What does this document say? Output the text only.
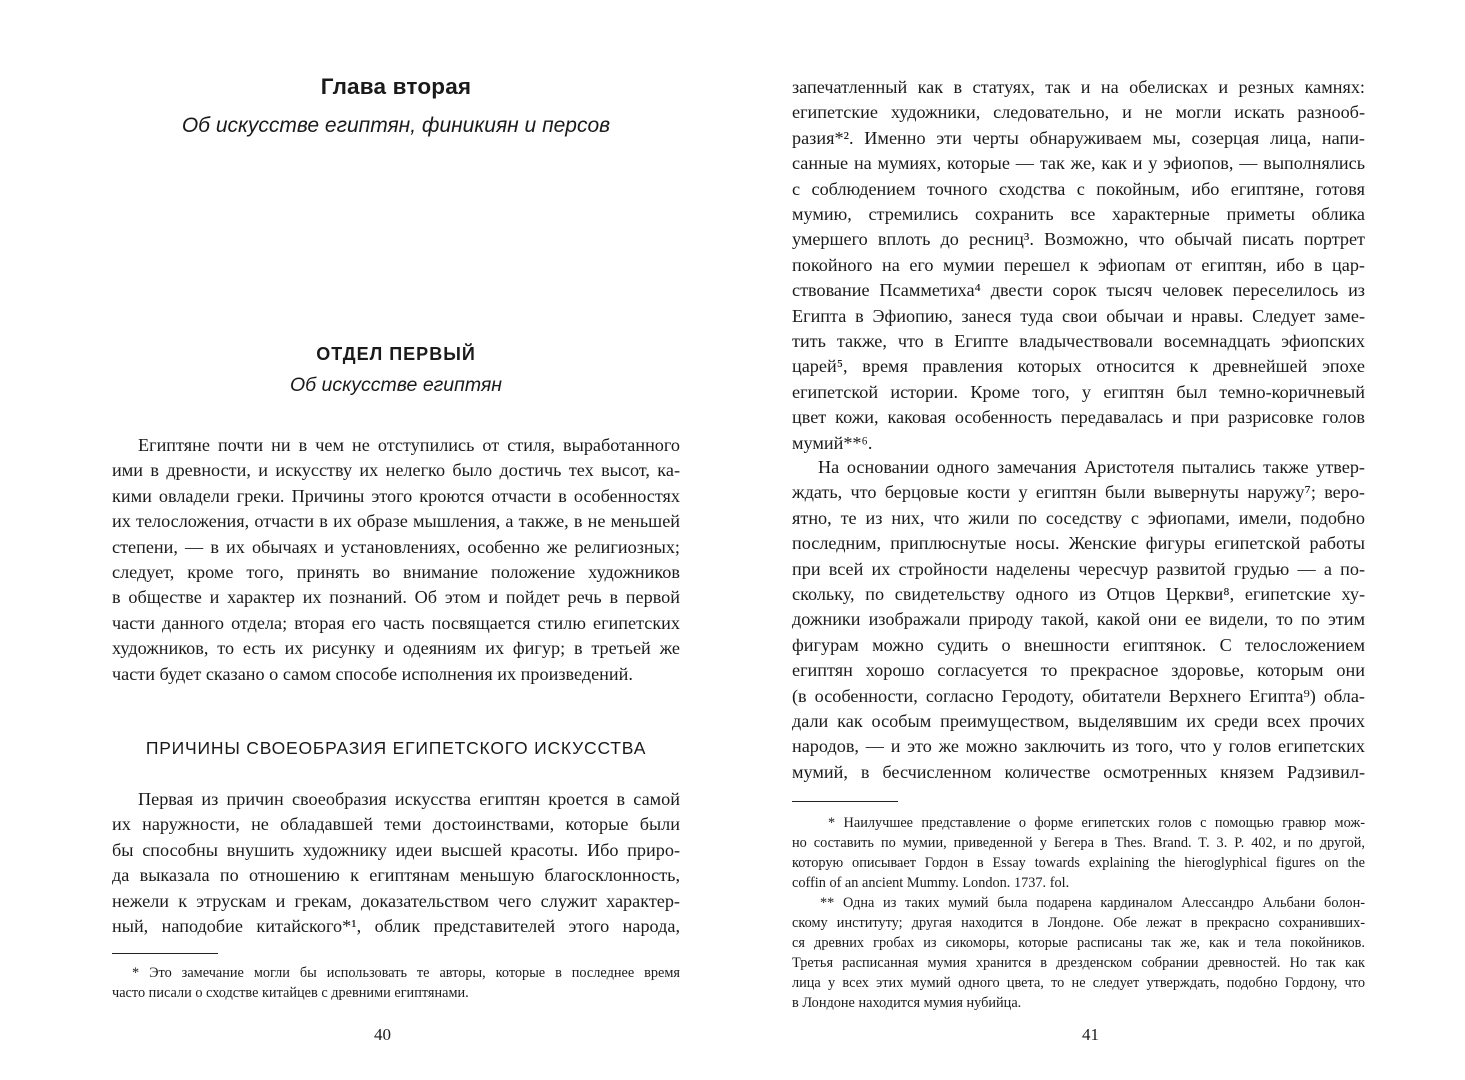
Глава вторая
Об искусстве египтян, финикиян и персов
ОТДЕЛ ПЕРВЫЙ
Об искусстве египтян
Египтяне почти ни в чем не отступились от стиля, выработанного
ими в древности, и искусству их нелегко было достичь тех высот, ка-
кими овладели греки. Причины этого кроются отчасти в особенностях
их телосложения, отчасти в их образе мышления, а также, в не меньшей
степени, — в их обычаях и установлениях, особенно же религиозных;
следует, кроме того, принять во внимание положение художников
в обществе и характер их познаний. Об этом и пойдет речь в первой
части данного отдела; вторая его часть посвящается стилю египетских
художников, то есть их рисунку и одеяниям их фигур; в третьей же
части будет сказано о самом способе исполнения их произведений.
ПРИЧИНЫ СВОЕОБРАЗИЯ ЕГИПЕТСКОГО ИСКУССТВА
Первая из причин своеобразия искусства египтян кроется в самой
их наружности, не обладавшей теми достоинствами, которые были
бы способны внушить художнику идеи высшей красоты. Ибо приро-
да выказала по отношению к египтянам меньшую благосклонность,
нежели к этрускам и грекам, доказательством чего служит характер-
ный, наподобие китайского*¹, облик представителей этого народа,
* Это замечание могли бы использовать те авторы, которые в последнее время
часто писали о сходстве китайцев с древними египтянами.
40
запечатленный как в статуях, так и на обелисках и резных камнях:
египетские художники, следовательно, и не могли искать разнооб-
разия*². Именно эти черты обнаруживаем мы, созерцая лица, напи-
санные на мумиях, которые — так же, как и у эфиопов, — выполнялись
с соблюдением точного сходства с покойным, ибо египтяне, готовя
мумию, стремились сохранить все характерные приметы облика
умершего вплоть до ресниц³. Возможно, что обычай писать портрет
покойного на его мумии перешел к эфиопам от египтян, ибо в цар-
ствование Псамметиха⁴ двести сорок тысяч человек переселилось из
Египта в Эфиопию, занеся туда свои обычаи и нравы. Следует заме-
тить также, что в Египте владычествовали восемнадцать эфиопских
царей⁵, время правления которых относится к древнейшей эпохе
египетской истории. Кроме того, у египтян был темно-коричневый
цвет кожи, каковая особенность передавалась и при разрисовке голов
мумий**⁶.
На основании одного замечания Аристотеля пытались также утвер-
ждать, что берцовые кости у египтян были вывернуты наружу⁷; веро-
ятно, те из них, что жили по соседству с эфиопами, имели, подобно
последним, приплюснутые носы. Женские фигуры египетской работы
при всей их стройности наделены чересчур развитой грудью — а по-
скольку, по свидетельству одного из Отцов Церкви⁸, египетские ху-
дожники изображали природу такой, какой они ее видели, то по этим
фигурам можно судить о внешности египтянок. С телосложением
египтян хорошо согласуется то прекрасное здоровье, которым они
(в особенности, согласно Геродоту, обитатели Верхнего Египта⁹) обла-
дали как особым преимуществом, выделявшим их среди всех прочих
народов, — и это же можно заключить из того, что у голов египетских
мумий, в бесчисленном количестве осмотренных князем Радзивил-
* Наилучшее представление о форме египетских голов с помощью гравюр мож-
но составить по мумии, приведенной у Бегера в Thes. Brand. T. 3. P. 402, и по другой,
которую описывает Гордон в Essay towards explaining the hieroglyphical figures on the
coffin of an ancient Mummy. London. 1737. fol.
** Одна из таких мумий была подарена кардиналом Алессандро Альбани болон-
скому институту; другая находится в Лондоне. Обе лежат в прекрасно сохранивших-
ся древних гробах из сикоморы, которые расписаны так же, как и тела покойников.
Третья расписанная мумия хранится в дрезденском собрании древностей. Но так как
лица у всех этих мумий одного цвета, то не следует утверждать, подобно Гордону, что
в Лондоне находится мумия нубийца.
41
